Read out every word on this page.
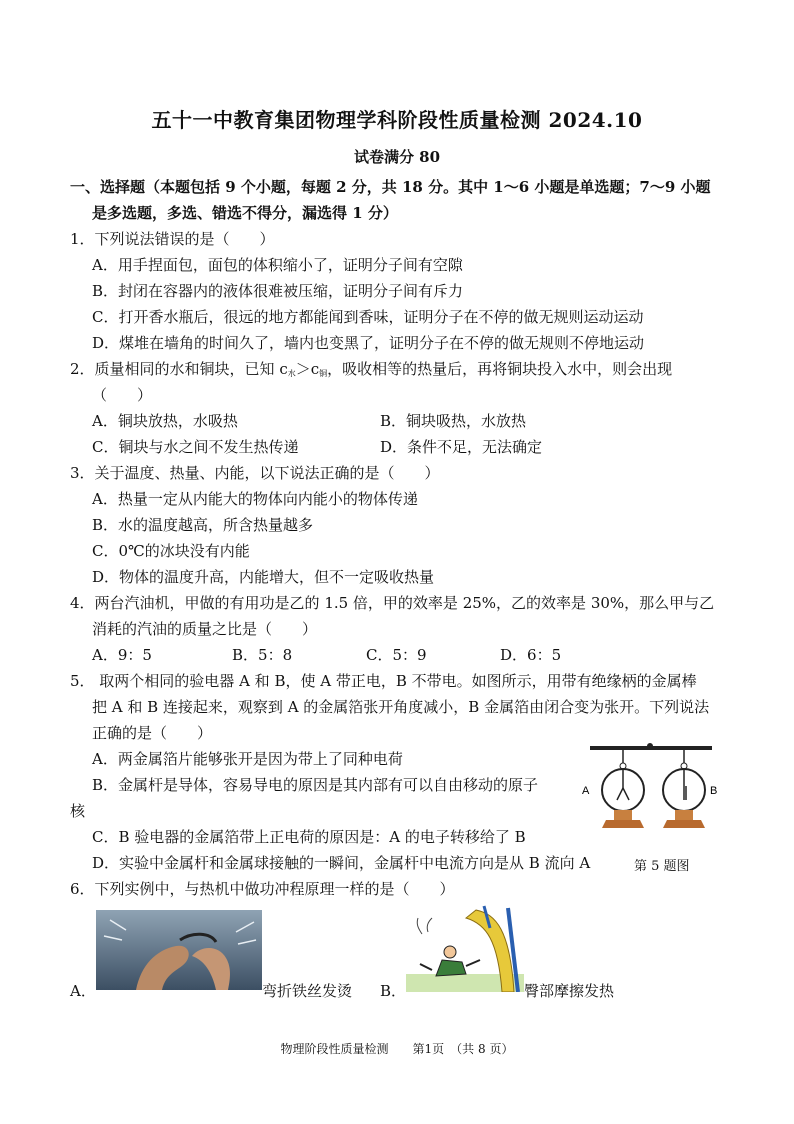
五十一中教育集团物理学科阶段性质量检测 2024.10
试卷满分 80
一、选择题（本题包括 9 个小题，每题 2 分，共 18 分。其中 1～6 小题是单选题；7～9 小题
是多选题，多选、错选不得分，漏选得 1 分）
1．下列说法错误的是（　　）
A．用手捏面包，面包的体积缩小了，证明分子间有空隙
B．封闭在容器内的液体很难被压缩，证明分子间有斥力
C．打开香水瓶后，很远的地方都能闻到香味，证明分子在不停的做无规则运动运动
D．煤堆在墙角的时间久了，墙内也变黑了，证明分子在不停的做无规则不停地运动
2．质量相同的水和铜块，已知 $c_水>c_铜$，吸收相等的热量后，再将铜块投入水中，则会出现
（　　）
A．铜块放热，水吸热	B．铜块吸热，水放热
C．铜块与水之间不发生热传递	D．条件不足，无法确定
3．关于温度、热量、内能，以下说法正确的是（　　）
A．热量一定从内能大的物体向内能小的物体传递
B．水的温度越高，所含热量越多
C．0℃的冰块没有内能
D．物体的温度升高，内能增大，但不一定吸收热量
4．两台汽油机，甲做的有用功是乙的 1.5 倍，甲的效率是 25%，乙的效率是 30%，那么甲与乙
消耗的汽油的质量之比是（　　）
A．9：5	B．5：8	C．5：9	D．6：5
5． 取两个相同的验电器 A 和 B，使 A 带正电，B 不带电。如图所示，用带有绝缘柄的金属棒
把 A 和 B 连接起来，观察到 A 的金属箔张开角度减小，B 金属箔由闭合变为张开。下列说法
正确的是（　　）
A．两金属箔片能够张开是因为带上了同种电荷
B．金属杆是导体，容易导电的原因是其内部有可以自由移动的原子
核
C．B 验电器的金属箔带上正电荷的原因是：A 的电子转移给了 B
D．实验中金属杆和金属球接触的一瞬间，金属杆中电流方向是从 B 流向 A	第 5 题图
A	B
6．下列实例中，与热机中做功冲程原理一样的是（　　）
A．	弯折铁丝发烫 B．	臀部摩擦发热
物理阶段性质量检测　　第1页　（共 8 页）
